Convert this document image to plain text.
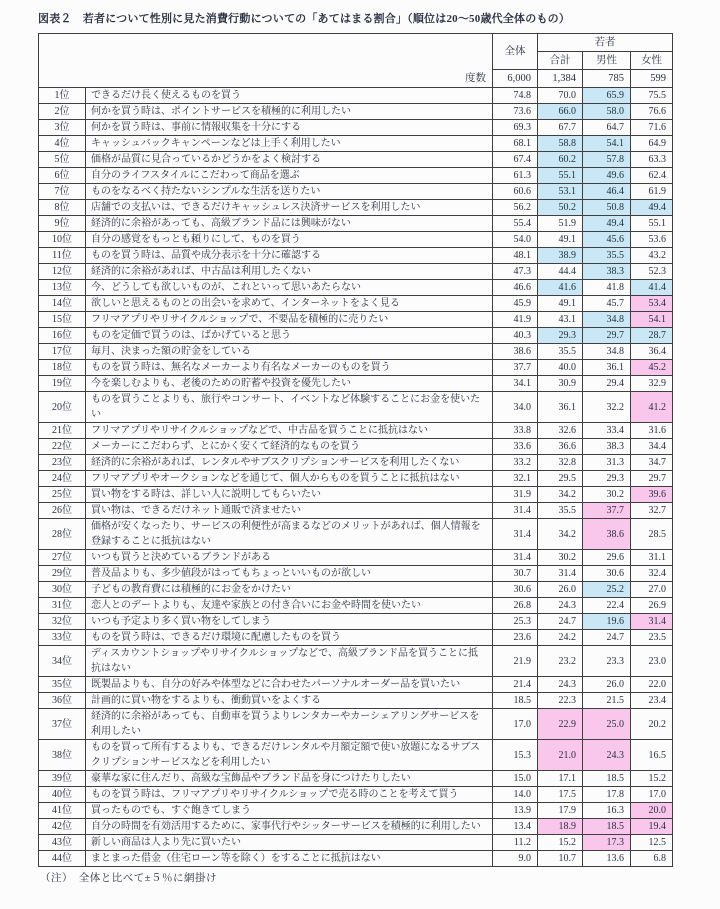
図表２　若者について性別に見た消費行動についての「あてはまる割合」（順位は20～50歳代全体のもの）
度数		全体	若者		
			合計	男性	女性
		6,000	1,384	785	599
1位	できるだけ長く使えるものを買う	74.8	70.0	65.9	75.5
2位	何かを買う時は、ポイントサービスを積極的に利用したい	73.6	66.0	58.0	76.6
3位	何かを買う時は、事前に情報収集を十分にする	69.3	67.7	64.7	71.6
4位	キャッシュバックキャンペーンなどは上手く利用したい	68.1	58.8	54.1	64.9
5位	価格が品質に見合っているかどうかをよく検討する	67.4	60.2	57.8	63.3
6位	自分のライフスタイルにこだわって商品を選ぶ	61.3	55.1	49.6	62.4
7位	ものをなるべく持たないシンプルな生活を送りたい	60.6	53.1	46.4	61.9
8位	店舗での支払いは、できるだけキャッシュレス決済サービスを利用したい	56.2	50.2	50.8	49.4
9位	経済的に余裕があっても、高級ブランド品には興味がない	55.4	51.9	49.4	55.1
10位	自分の感覚をもっとも頼りにして、ものを買う	54.0	49.1	45.6	53.6
11位	ものを買う時は、品質や成分表示を十分に確認する	48.1	38.9	35.5	43.2
12位	経済的に余裕があれば、中古品は利用したくない	47.3	44.4	38.3	52.3
13位	今、どうしても欲しいものが、これといって思いあたらない	46.6	41.6	41.8	41.4
14位	欲しいと思えるものとの出会いを求めて、インターネットをよく見る	45.9	49.1	45.7	53.4
15位	フリマアプリやリサイクルショップで、不要品を積極的に売りたい	41.9	43.1	34.8	54.1
16位	ものを定価で買うのは、ばかげていると思う	40.3	29.3	29.7	28.7
17位	毎月、決まった額の貯金をしている	38.6	35.5	34.8	36.4
18位	ものを買う時は、無名なメーカーより有名なメーカーのものを買う	37.7	40.0	36.1	45.2
19位	今を楽しむよりも、老後のための貯蓄や投資を優先したい	34.1	30.9	29.4	32.9
20位	ものを買うことよりも、旅行やコンサート、イベントなど体験することにお金を使いたい	34.0	36.1	32.2	41.2
21位	フリマアプリやリサイクルショップなどで、中古品を買うことに抵抗はない	33.8	32.6	33.4	31.6
22位	メーカーにこだわらず、とにかく安くて経済的なものを買う	33.6	36.6	38.3	34.4
23位	経済的に余裕があれば、レンタルやサブスクリプションサービスを利用したくない	33.2	32.8	31.3	34.7
24位	フリマアプリやオークションなどを通じて、個人からものを買うことに抵抗はない	32.1	29.5	29.3	29.7
25位	買い物をする時は、詳しい人に説明してもらいたい	31.9	34.2	30.2	39.6
26位	買い物は、できるだけネット通販で済ませたい	31.4	35.5	37.7	32.7
28位	価格が安くなったり、サービスの利便性が高まるなどのメリットがあれば、個人情報を登録することに抵抗はない	31.4	34.2	38.6	28.5
27位	いつも買うと決めているブランドがある	31.4	30.2	29.6	31.1
29位	普及品よりも、多少値段がはってもちょっといいものが欲しい	30.7	31.4	30.6	32.4
30位	子どもの教育費には積極的にお金をかけたい	30.6	26.0	25.2	27.0
31位	恋人とのデートよりも、友達や家族との付き合いにお金や時間を使いたい	26.8	24.3	22.4	26.9
32位	いつも予定より多く買い物をしてしまう	25.3	24.7	19.6	31.4
33位	ものを買う時は、できるだけ環境に配慮したものを買う	23.6	24.2	24.7	23.5
34位	ディスカウントショップやリサイクルショップなどで、高級ブランド品を買うことに抵抗はない	21.9	23.2	23.3	23.0
35位	既製品よりも、自分の好みや体型などに合わせたパーソナルオーダー品を買いたい	21.4	24.3	26.0	22.0
36位	計画的に買い物をするよりも、衝動買いをよくする	18.5	22.3	21.5	23.4
37位	経済的に余裕があっても、自動車を買うよりレンタカーやカーシェアリングサービスを利用したい	17.0	22.9	25.0	20.2
38位	ものを買って所有するよりも、できるだけレンタルや月額定額で使い放題になるサブスクリプションサービスなどを利用したい	15.3	21.0	24.3	16.5
39位	豪華な家に住んだり、高級な宝飾品やブランド品を身につけたりしたい	15.0	17.1	18.5	15.2
40位	ものを買う時は、フリマアプリやリサイクルショップで売る時のことを考えて買う	14.0	17.5	17.8	17.0
41位	買ったものでも、すぐ飽きてしまう	13.9	17.9	16.3	20.0
42位	自分の時間を有効活用するために、家事代行やシッターサービスを積極的に利用したい	13.4	18.9	18.5	19.4
43位	新しい商品は人より先に買いたい	11.2	15.2	17.3	12.5
44位	まとまった借金（住宅ローン等を除く）をすることに抵抗はない	9.0	10.7	13.6	6.8
（注）　全体と比べて±５％に網掛け
